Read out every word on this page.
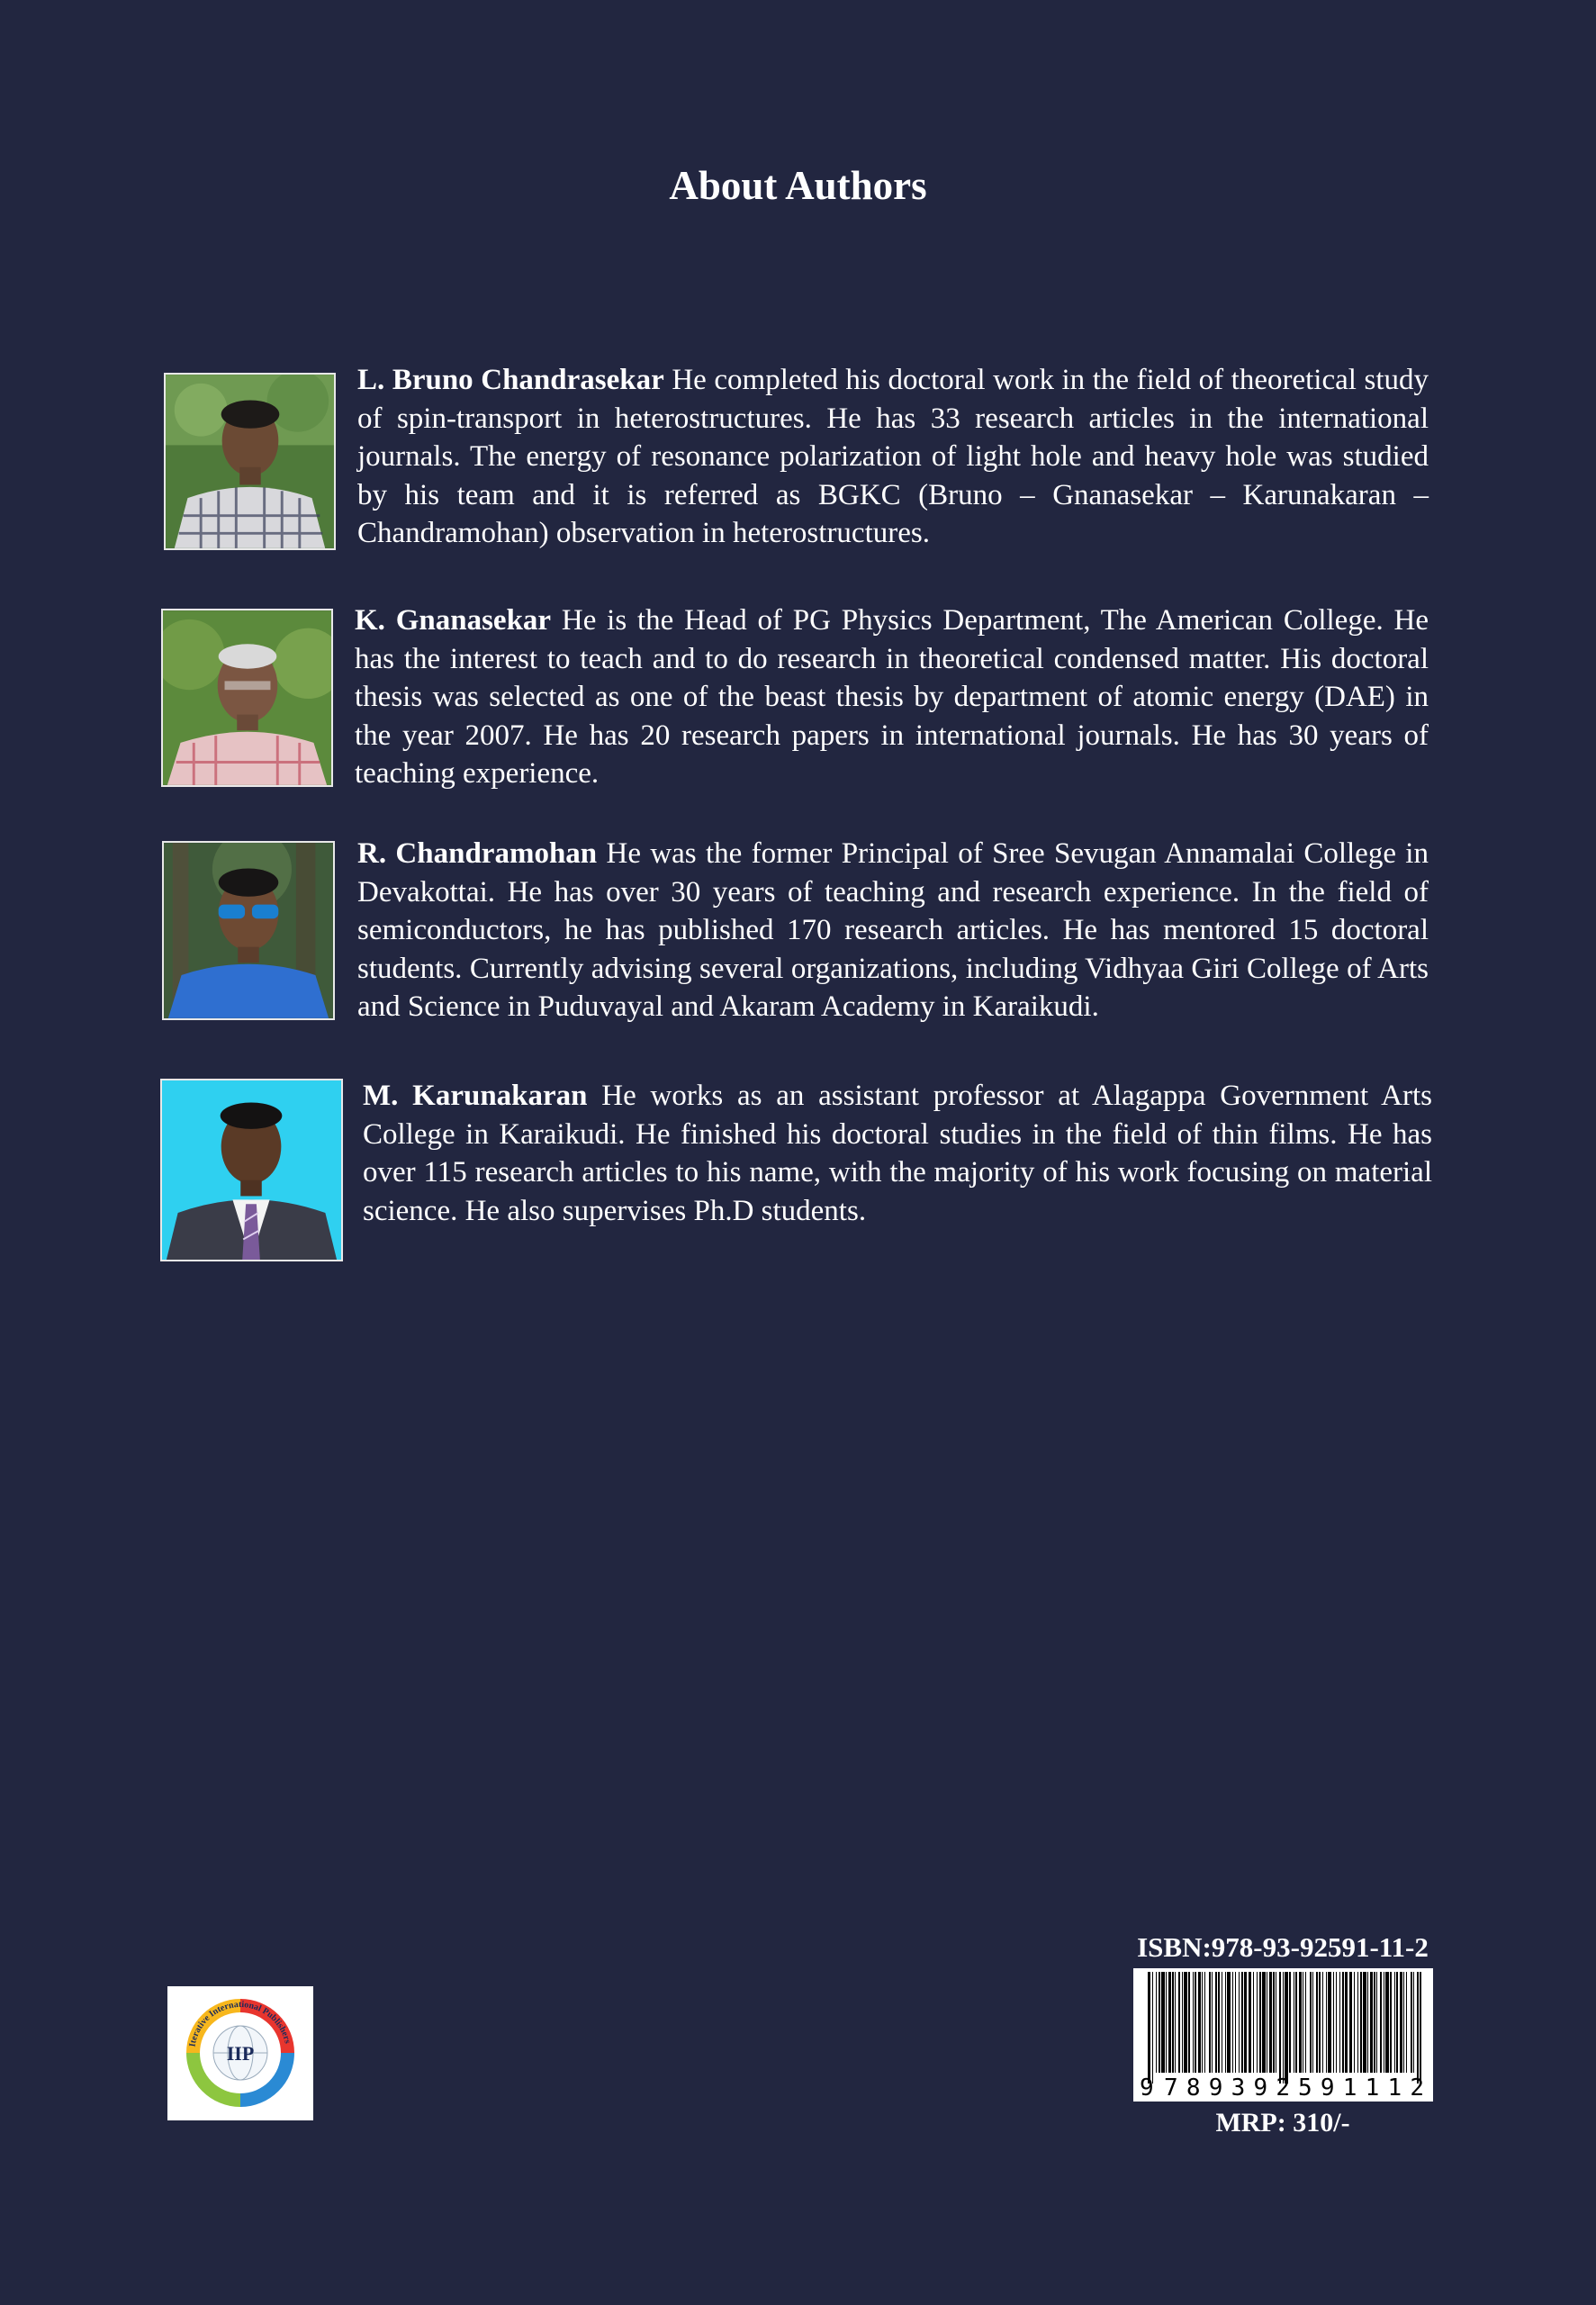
About Authors

L. Bruno Chandrasekar He completed his doctoral work in the field of theoretical study of spin-transport in heterostructures. He has 33 research articles in the international journals. The energy of resonance polarization of light hole and heavy hole was studied by his team and it is referred as BGKC (Bruno – Gnanasekar – Karunakaran – Chandramohan) observation in heterostructures.

K. Gnanasekar He is the Head of PG Physics Department, The American College. He has the interest to teach and to do research in theoretical condensed matter. His doctoral thesis was selected as one of the beast thesis by department of atomic energy (DAE) in the year 2007. He has 20 research papers in international journals. He has 30 years of teaching experience.

R. Chandramohan He was the former Principal of Sree Sevugan Annamalai College in Devakottai. He has over 30 years of teaching and research experience. In the field of semiconductors, he has published 170 research articles. He has mentored 15 doctoral students. Currently advising several organizations, including Vidhyaa Giri College of Arts and Science in Puduvayal and Akaram Academy in Karaikudi.

M. Karunakaran He works as an assistant professor at Alagappa Government Arts College in Karaikudi. He finished his doctoral studies in the field of thin films. He has over 115 research articles to his name, with the majority of his work focusing on material science. He also supervises Ph.D students.

IIP
Iterative International Publishers

ISBN:978-93-92591-11-2

9 789392 591112

MRP: 310/-
